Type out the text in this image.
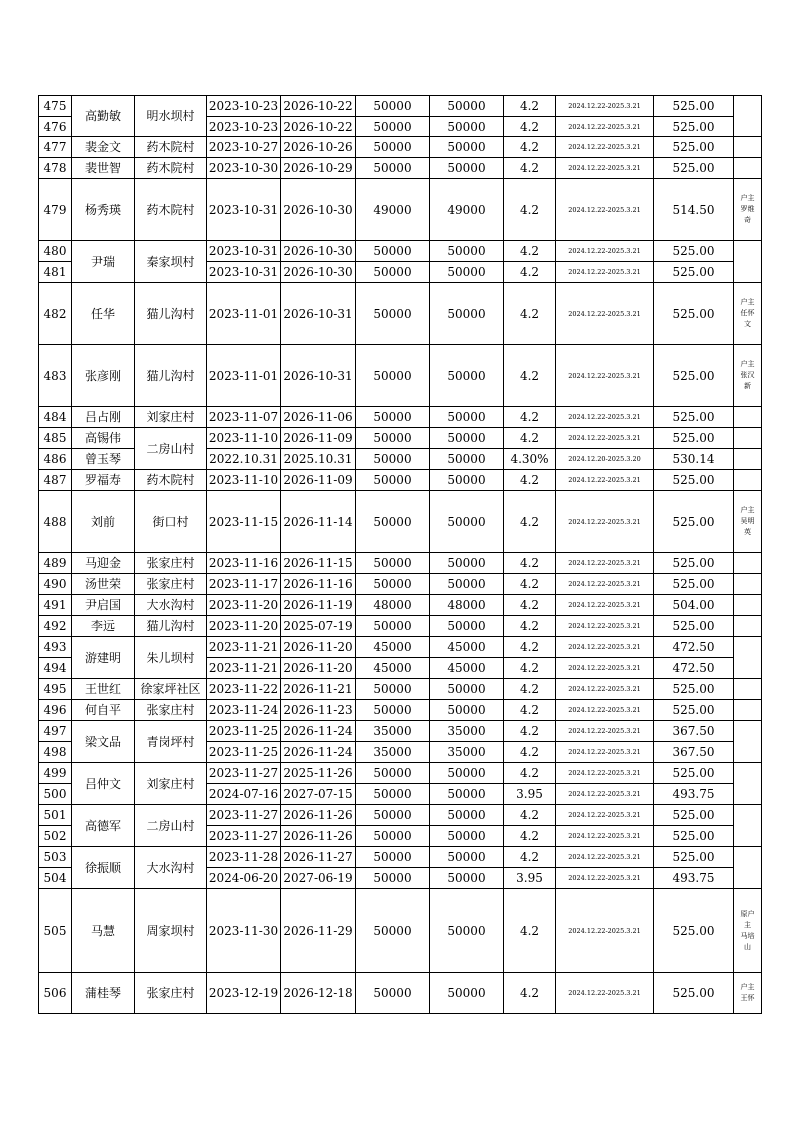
475	高勤敏	明水坝村	2023-10-23	2026-10-22	50000	50000	4.2	2024.12.22-2025.3.21	525.00	
476			2023-10-23	2026-10-22	50000	50000	4.2	2024.12.22-2025.3.21	525.00	
477	裴金文	药木院村	2023-10-27	2026-10-26	50000	50000	4.2	2024.12.22-2025.3.21	525.00	
478	裴世智	药木院村	2023-10-30	2026-10-29	50000	50000	4.2	2024.12.22-2025.3.21	525.00	
479	杨秀瑛	药木院村	2023-10-31	2026-10-30	49000	49000	4.2	2024.12.22-2025.3.21	514.50	户主
罗维
奇

480	尹瑞	秦家坝村	2023-10-31	2026-10-30	50000	50000	4.2	2024.12.22-2025.3.21	525.00	
481			2023-10-31	2026-10-30	50000	50000	4.2	2024.12.22-2025.3.21	525.00	
482	任华	猫儿沟村	2023-11-01	2026-10-31	50000	50000	4.2	2024.12.22-2025.3.21	525.00	户主
任怀
文

483	张彦刚	猫儿沟村	2023-11-01	2026-10-31	50000	50000	4.2	2024.12.22-2025.3.21	525.00	户主
张汉
新

484	吕占刚	刘家庄村	2023-11-07	2026-11-06	50000	50000	4.2	2024.12.22-2025.3.21	525.00	
485	高锡伟	二房山村	2023-11-10	2026-11-09	50000	50000	4.2	2024.12.22-2025.3.21	525.00	
486	曾玉琴		2022.10.31	2025.10.31	50000	50000	4.30%	2024.12.20-2025.3.20	530.14	
487	罗福寿	药木院村	2023-11-10	2026-11-09	50000	50000	4.2	2024.12.22-2025.3.21	525.00	
488	刘前	街口村	2023-11-15	2026-11-14	50000	50000	4.2	2024.12.22-2025.3.21	525.00	户主
吴明
英

489	马迎金	张家庄村	2023-11-16	2026-11-15	50000	50000	4.2	2024.12.22-2025.3.21	525.00	
490	汤世荣	张家庄村	2023-11-17	2026-11-16	50000	50000	4.2	2024.12.22-2025.3.21	525.00	
491	尹启国	大水沟村	2023-11-20	2026-11-19	48000	48000	4.2	2024.12.22-2025.3.21	504.00	
492	李远	猫儿沟村	2023-11-20	2025-07-19	50000	50000	4.2	2024.12.22-2025.3.21	525.00	
493	游建明	朱儿坝村	2023-11-21	2026-11-20	45000	45000	4.2	2024.12.22-2025.3.21	472.50	
494			2023-11-21	2026-11-20	45000	45000	4.2	2024.12.22-2025.3.21	472.50	
495	王世红	徐家坪社区	2023-11-22	2026-11-21	50000	50000	4.2	2024.12.22-2025.3.21	525.00	
496	何自平	张家庄村	2023-11-24	2026-11-23	50000	50000	4.2	2024.12.22-2025.3.21	525.00	
497	梁文品	青岗坪村	2023-11-25	2026-11-24	35000	35000	4.2	2024.12.22-2025.3.21	367.50	
498			2023-11-25	2026-11-24	35000	35000	4.2	2024.12.22-2025.3.21	367.50	
499	吕仲文	刘家庄村	2023-11-27	2025-11-26	50000	50000	4.2	2024.12.22-2025.3.21	525.00	
500			2024-07-16	2027-07-15	50000	50000	3.95	2024.12.22-2025.3.21	493.75	
501	高德军	二房山村	2023-11-27	2026-11-26	50000	50000	4.2	2024.12.22-2025.3.21	525.00	
502			2023-11-27	2026-11-26	50000	50000	4.2	2024.12.22-2025.3.21	525.00	
503	徐振顺	大水沟村	2023-11-28	2026-11-27	50000	50000	4.2	2024.12.22-2025.3.21	525.00	
504			2024-06-20	2027-06-19	50000	50000	3.95	2024.12.22-2025.3.21	493.75	
505	马慧	周家坝村	2023-11-30	2026-11-29	50000	50000	4.2	2024.12.22-2025.3.21	525.00	原户
主
马培
山

506	蒲桂琴	张家庄村	2023-12-19	2026-12-18	50000	50000	4.2	2024.12.22-2025.3.21	525.00	户主
王怀
